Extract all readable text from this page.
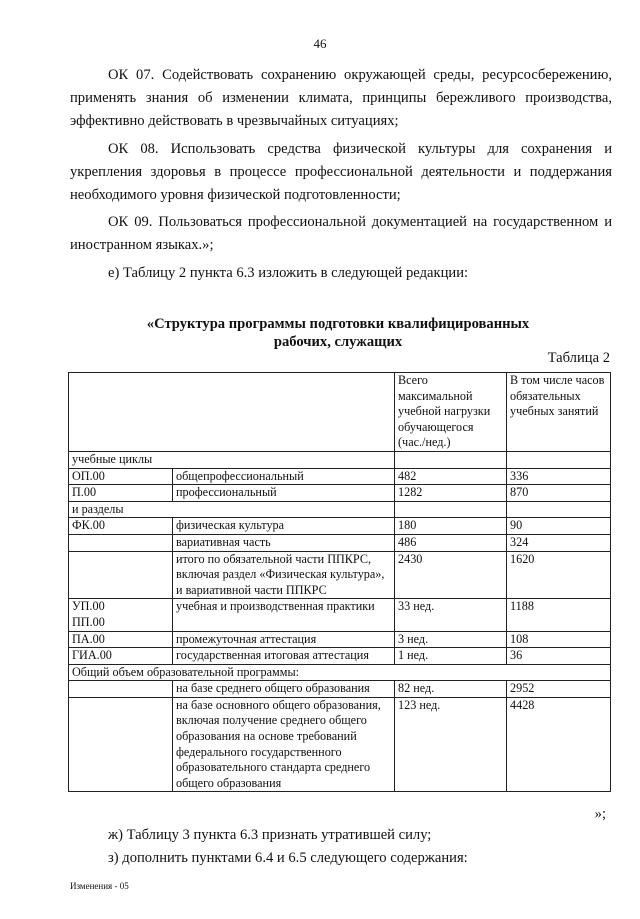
46

ОК 07. Содействовать сохранению окружающей среды, ресурсосбережению, применять знания об изменении климата, принципы бережливого производства, эффективно действовать в чрезвычайных ситуациях;

ОК 08. Использовать средства физической культуры для сохранения и укрепления здоровья в процессе профессиональной деятельности и поддержания необходимого уровня физической подготовленности;

ОК 09. Пользоваться профессиональной документацией на государственном и иностранном языках.»;

е) Таблицу 2 пункта 6.3 изложить в следующей редакции:

«Структура программы подготовки квалифицированных
рабочих, служащих
Таблица 2
		Всего максимальной учебной нагрузки обучающегося (час./нед.)	В том числе часов обязательных учебных занятий
учебные циклы			
ОП.00	общепрофессиональный	482	336
П.00	профессиональный	1282	870
и разделы			
ФК.00	физическая культура	180	90
	вариативная часть	486	324
	итого по обязательной части ППКРС, включая раздел «Физическая культура», и вариативной части ППКРС	2430	1620

УП.00
ПП.00	учебная и производственная практики	33 нед.	1188
ПА.00	промежуточная аттестация	3 нед.	108
ГИА.00	государственная итоговая аттестация	1 нед.	36
Общий объем образовательной программы:			
	на базе среднего общего образования	82 нед.	2952
	на базе основного общего образования, включая получение среднего общего образования на основе требований федерального государственного образовательного стандарта среднего общего образования	123 нед.	4428
»;

ж) Таблицу 3 пункта 6.3 признать утратившей силу;

з) дополнить пунктами 6.4 и 6.5 следующего содержания:

Изменения - 05
